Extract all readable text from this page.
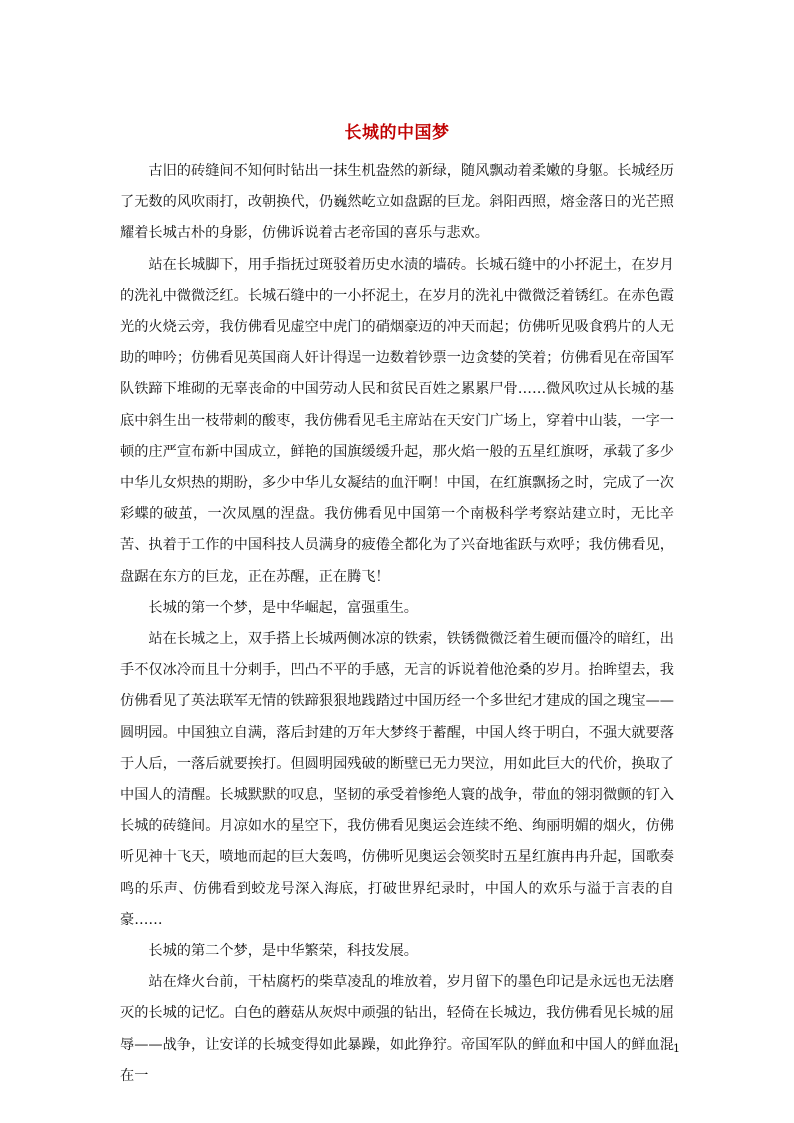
长城的中国梦

古旧的砖缝间不知何时钻出一抹生机盎然的新绿，随风飘动着柔嫩的身躯。长城经历了无数的风吹雨打，改朝换代，仍巍然屹立如盘踞的巨龙。斜阳西照，熔金落日的光芒照耀着长城古朴的身影，仿佛诉说着古老帝国的喜乐与悲欢。

站在长城脚下，用手指抚过斑驳着历史水渍的墙砖。长城石缝中的小抔泥土，在岁月的洗礼中微微泛红。长城石缝中的一小抔泥土，在岁月的洗礼中微微泛着锈红。在赤色霞光的火烧云旁，我仿佛看见虚空中虎门的硝烟豪迈的冲天而起；仿佛听见吸食鸦片的人无助的呻吟；仿佛看见英国商人奸计得逞一边数着钞票一边贪婪的笑着；仿佛看见在帝国军队铁蹄下堆砌的无辜丧命的中国劳动人民和贫民百姓之累累尸骨……微风吹过从长城的基底中斜生出一枝带刺的酸枣，我仿佛看见毛主席站在天安门广场上，穿着中山装，一字一顿的庄严宣布新中国成立，鲜艳的国旗缓缓升起，那火焰一般的五星红旗呀，承载了多少中华儿女炽热的期盼，多少中华儿女凝结的血汗啊！中国，在红旗飘扬之时，完成了一次彩蝶的破茧，一次凤凰的涅盘。我仿佛看见中国第一个南极科学考察站建立时，无比辛苦、执着于工作的中国科技人员满身的疲倦全都化为了兴奋地雀跃与欢呼；我仿佛看见，盘踞在东方的巨龙，正在苏醒，正在腾飞！

长城的第一个梦，是中华崛起，富强重生。

站在长城之上，双手搭上长城两侧冰凉的铁索，铁锈微微泛着生硬而僵冷的暗红，出手不仅冰冷而且十分刺手，凹凸不平的手感，无言的诉说着他沧桑的岁月。抬眸望去，我仿佛看见了英法联军无情的铁蹄狠狠地践踏过中国历经一个多世纪才建成的国之瑰宝——圆明园。中国独立自满，落后封建的万年大梦终于蓄醒，中国人终于明白，不强大就要落于人后，一落后就要挨打。但圆明园残破的断壁已无力哭泣，用如此巨大的代价，换取了中国人的清醒。长城默默的叹息，坚韧的承受着惨绝人寰的战争，带血的翎羽微颤的钉入长城的砖缝间。月凉如水的星空下，我仿佛看见奥运会连续不绝、绚丽明媚的烟火，仿佛听见神十飞天，喷地而起的巨大轰鸣，仿佛听见奥运会领奖时五星红旗冉冉升起，国歌奏鸣的乐声、仿佛看到蛟龙号深入海底，打破世界纪录时，中国人的欢乐与溢于言表的自豪……

长城的第二个梦，是中华繁荣，科技发展。

站在烽火台前，干枯腐朽的柴草凌乱的堆放着，岁月留下的墨色印记是永远也无法磨灭的长城的记忆。白色的蘑菇从灰烬中顽强的钻出，轻倚在长城边，我仿佛看见长城的屈辱——战争，让安详的长城变得如此暴躁，如此狰狞。帝国军队的鲜血和中国人的鲜血混在一

1
